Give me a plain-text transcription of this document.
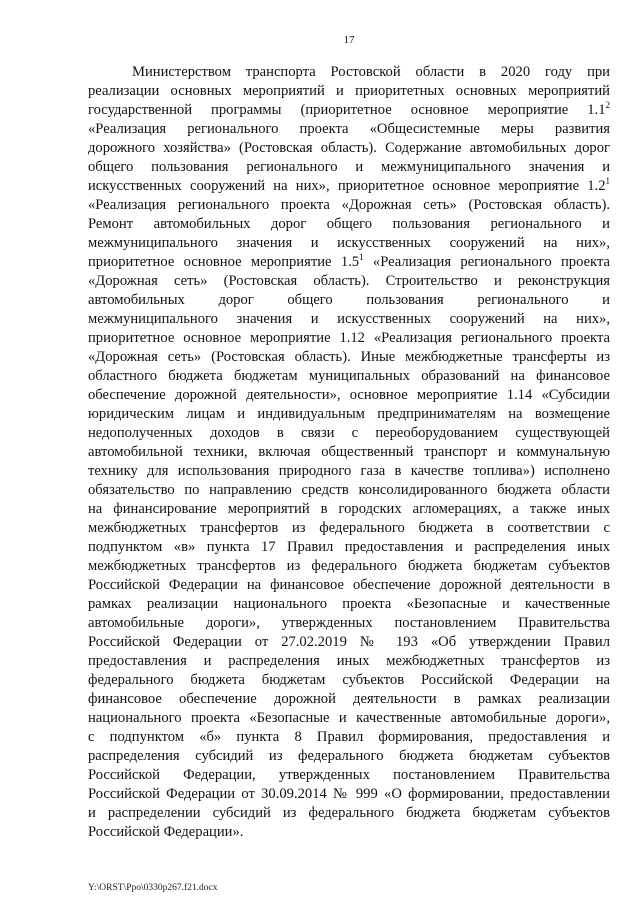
17
Министерством транспорта Ростовской области в 2020 году при
реализации основных мероприятий и приоритетных основных мероприятий
государственной программы (приоритетное основное мероприятие $1.1^2$
«Реализация регионального проекта «Общесистемные меры развития
дорожного хозяйства» (Ростовская область). Содержание автомобильных дорог
общего пользования регионального и межмуниципального значения и
искусственных сооружений на них», приоритетное основное мероприятие $1.2^1$
«Реализация регионального проекта «Дорожная сеть» (Ростовская область).
Ремонт автомобильных дорог общего пользования регионального и
межмуниципального значения и искусственных сооружений на них»,
приоритетное основное мероприятие $1.5^1$ «Реализация регионального проекта
«Дорожная сеть» (Ростовская область). Строительство и реконструкция
автомобильных дорог общего пользования регионального и
межмуниципального значения и искусственных сооружений на них»,
приоритетное основное мероприятие 1.12 «Реализация регионального проекта
«Дорожная сеть» (Ростовская область). Иные межбюджетные трансферты из
областного бюджета бюджетам муниципальных образований на финансовое
обеспечение дорожной деятельности», основное мероприятие 1.14 «Субсидии
юридическим лицам и индивидуальным предпринимателям на возмещение
недополученных доходов в связи с переоборудованием существующей
автомобильной техники, включая общественный транспорт и коммунальную
технику для использования природного газа в качестве топлива») исполнено
обязательство по направлению средств консолидированного бюджета области
на финансирование мероприятий в городских агломерациях, а также иных
межбюджетных трансфертов из федерального бюджета в соответствии с
подпунктом «в» пункта 17 Правил предоставления и распределения иных
межбюджетных трансфертов из федерального бюджета бюджетам субъектов
Российской Федерации на финансовое обеспечение дорожной деятельности в
рамках реализации национального проекта «Безопасные и качественные
автомобильные дороги», утвержденных постановлением Правительства
Российской Федерации от 27.02.2019 № 193 «Об утверждении Правил
предоставления и распределения иных межбюджетных трансфертов из
федерального бюджета бюджетам субъектов Российской Федерации на
финансовое обеспечение дорожной деятельности в рамках реализации
национального проекта «Безопасные и качественные автомобильные дороги»,
с подпунктом «б» пункта 8 Правил формирования, предоставления и
распределения субсидий из федерального бюджета бюджетам субъектов
Российской Федерации, утвержденных постановлением Правительства
Российской Федерации от 30.09.2014 № 999 «О формировании, предоставлении
и распределении субсидий из федерального бюджета бюджетам субъектов
Российской Федерации».
Y:\ORST\Ppo\0330p267.f21.docx
